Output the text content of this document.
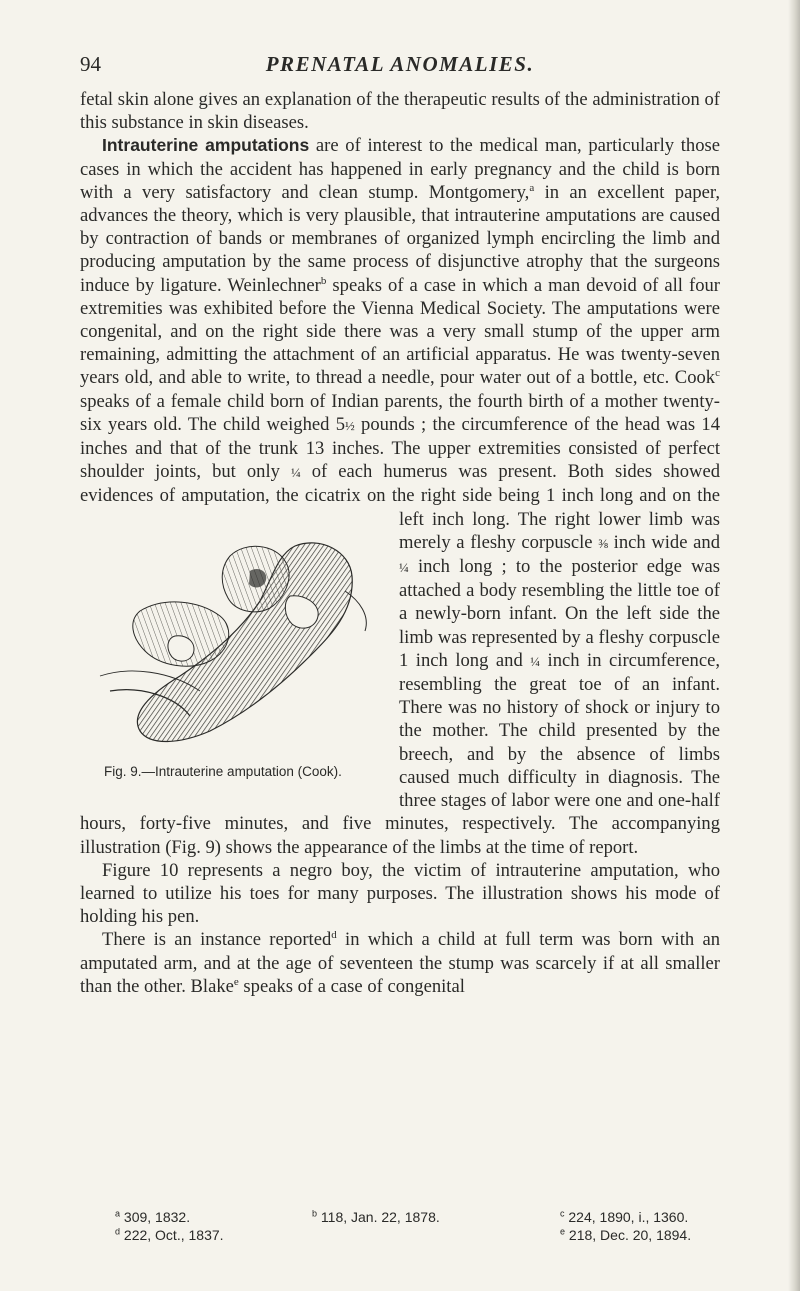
94	PRENATAL ANOMALIES.

fetal skin alone gives an explanation of the therapeutic results of the administration of this substance in skin diseases.

Intrauterine amputations are of interest to the medical man, particularly those cases in which the accident has happened in early pregnancy and the child is born with a very satisfactory and clean stump. Montgomery,$^a$ in an excellent paper, advances the theory, which is very plausible, that intrauterine amputations are caused by contraction of bands or membranes of organized lymph encircling the limb and producing amputation by the same process of disjunctive atrophy that the surgeons induce by ligature. Weinlechner$^b$ speaks of a case in which a man devoid of all four extremities was exhibited before the Vienna Medical Society. The amputations were congenital, and on the right side there was a very small stump of the upper arm remaining, admitting the attachment of an artificial apparatus. He was twenty-seven years old, and able to write, to thread a needle, pour water out of a bottle, etc. Cook$^c$ speaks of a female child born of Indian parents, the fourth birth of a mother twenty-six years old. The child weighed 5½ pounds ; the circumference of the head was 14 inches and that of the trunk 13 inches. The upper extremities consisted of perfect shoulder joints, but only ¼ of each humerus was present. Both sides showed evidences of amputation, the cicatrix on the right side being 1 inch long and on the left
Fig. 9.—Intrauterine amputation (Cook).
inch long. The right lower limb was merely a fleshy corpuscle ⅜ inch wide and ¼ inch long ; to the posterior edge was attached a body resembling the little toe of a newly-born infant. On the left side the limb was represented by a fleshy corpuscle 1 inch long and ¼ inch in circumference, resembling the great toe of an infant. There was no history of shock or injury to the mother. The child presented by the breech, and by the absence of limbs caused much difficulty in diagnosis. The three stages of labor were one and one-half hours, forty-five minutes, and five minutes, respectively. The accompanying illustration (Fig. 9) shows the appearance of the limbs at the time of report.

Figure 10 represents a negro boy, the victim of intrauterine amputation, who learned to utilize his toes for many purposes. The illustration shows his mode of holding his pen.

There is an instance reported$^d$ in which a child at full term was born with an amputated arm, and at the age of seventeen the stump was scarcely if at all smaller than the other. Blake$^e$ speaks of a case of congenital

$^a$ 309, 1832.	$^b$ 118, Jan. 22, 1878.	$^c$ 224, 1890, i., 1360.
$^d$ 222, Oct., 1837.	$^e$ 218, Dec. 20, 1894.
